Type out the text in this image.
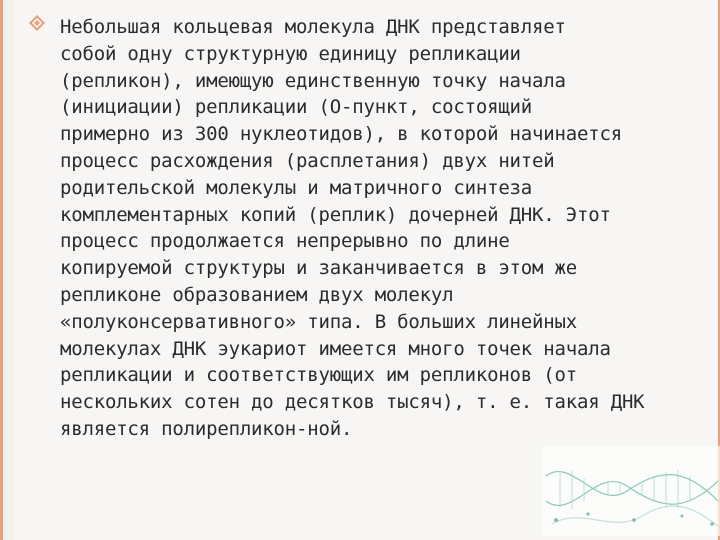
Небольшая кольцевая молекула ДНК представляет
собой одну структурную единицу репликации
(репликон), имеющую единственную точку начала
(инициации) репликации (O-пункт, состоящий
примерно из 300 нуклеотидов), в которой начинается
процесс расхождения (расплетания) двух нитей
родительской молекулы и матричного синтеза
комплементарных копий (реплик) дочерней ДНК. Этот
процесс продолжается непрерывно по длине
копируемой структуры и заканчивается в этом же
репликоне образованием двух молекул
«полуконсервативного» типа. В больших линейных
молекулах ДНК эукариот имеется много точек начала
репликации и соответствующих им репликонов (от
нескольких сотен до десятков тысяч), т. е. такая ДНК
является полирепликон-ной.
